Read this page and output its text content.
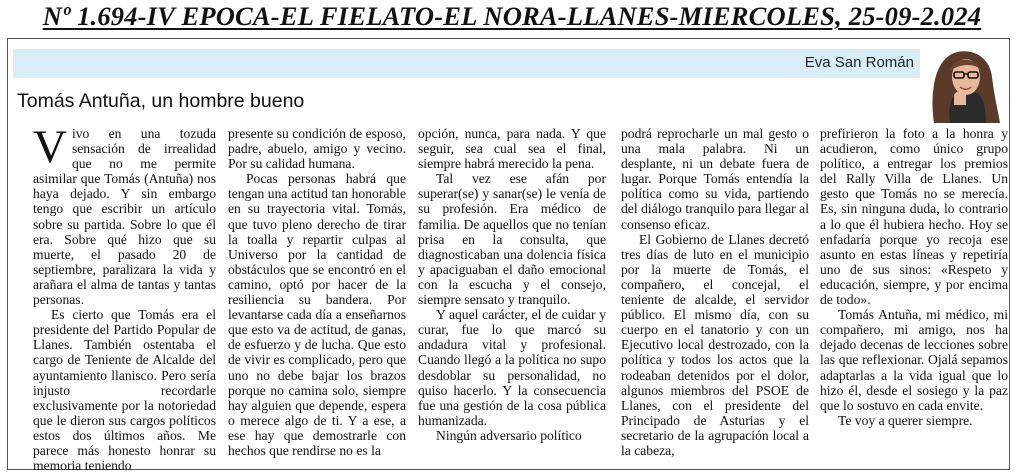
Nº 1.694-IV EPOCA-EL FIELATO-EL NORA-LLANES-MIERCOLES, 25-09-2.024
Eva San Román
Tomás Antuña, un hombre bueno

Vivo en una tozuda sensación de irrealidad que no me permite asimilar que Tomás (Antuña) nos haya dejado. Y sin embargo tengo que escribir un artículo sobre su partida. Sobre lo que él era. Sobre qué hizo que su muerte, el pasado 20 de septiembre, paralizara la vida y arañara el alma de tantas y tantas personas.

Es cierto que Tomás era el presidente del Partido Popular de Llanes. También ostentaba el cargo de Teniente de Alcalde del ayuntamiento llanisco. Pero sería injusto recordarle exclusivamente por la notoriedad que le dieron sus cargos políticos estos dos últimos años. Me parece más honesto honrar su memoria teniendo

presente su condición de esposo, padre, abuelo, amigo y vecino. Por su calidad humana.

Pocas personas habrá que tengan una actitud tan honorable en su trayectoria vital. Tomás, que tuvo pleno derecho de tirar la toalla y repartir culpas al Universo por la cantidad de obstáculos que se encontró en el camino, optó por hacer de la resiliencia su bandera. Por levantarse cada día a enseñarnos que esto va de actitud, de ganas, de esfuerzo y de lucha. Que esto de vivir es complicado, pero que uno no debe bajar los brazos porque no camina solo, siempre hay alguien que depende, espera o merece algo de ti. Y a ese, a ese hay que demostrarle con hechos que rendirse no es la

opción, nunca, para nada. Y que seguir, sea cual sea el final, siempre habrá merecido la pena.

Tal vez ese afán por superar(se) y sanar(se) le venía de su profesión. Era médico de familia. De aquellos que no tenían prisa en la consulta, que diagnosticaban una dolencia física y apaciguaban el daño emocional con la escucha y el consejo, siempre sensato y tranquilo.

Y aquel carácter, el de cuidar y curar, fue lo que marcó su andadura vital y profesional. Cuando llegó a la política no supo desdoblar su personalidad, no quiso hacerlo. Y la consecuencia fue una gestión de la cosa pública humanizada.

Ningún adversario político

podrá reprocharle un mal gesto o una mala palabra. Ni un desplante, ni un debate fuera de lugar. Porque Tomás entendía la política como su vida, partiendo del diálogo tranquilo para llegar al consenso eficaz.

El Gobierno de Llanes decretó tres días de luto en el municipio por la muerte de Tomás, el compañero, el concejal, el teniente de alcalde, el servidor público. El mismo día, con su cuerpo en el tanatorio y con un Ejecutivo local destrozado, con la política y todos los actos que la rodeaban detenidos por el dolor, algunos miembros del PSOE de Llanes, con el presidente del Principado de Asturias y el secretario de la agrupación local a la cabeza,

prefirieron la foto a la honra y acudieron, como único grupo político, a entregar los premios del Rally Villa de Llanes. Un gesto que Tomás no se merecía. Es, sin ninguna duda, lo contrario a lo que él hubiera hecho. Hoy se enfadaría porque yo recoja ese asunto en estas líneas y repetiría uno de sus sinos: «Respeto y educación, siempre, y por encima de todo».

Tomás Antuña, mi médico, mi compañero, mi amigo, nos ha dejado decenas de lecciones sobre las que reflexionar. Ojalá sepamos adaptarlas a la vida igual que lo hizo él, desde el sosiego y la paz que lo sostuvo en cada envite.

Te voy a querer siempre.
